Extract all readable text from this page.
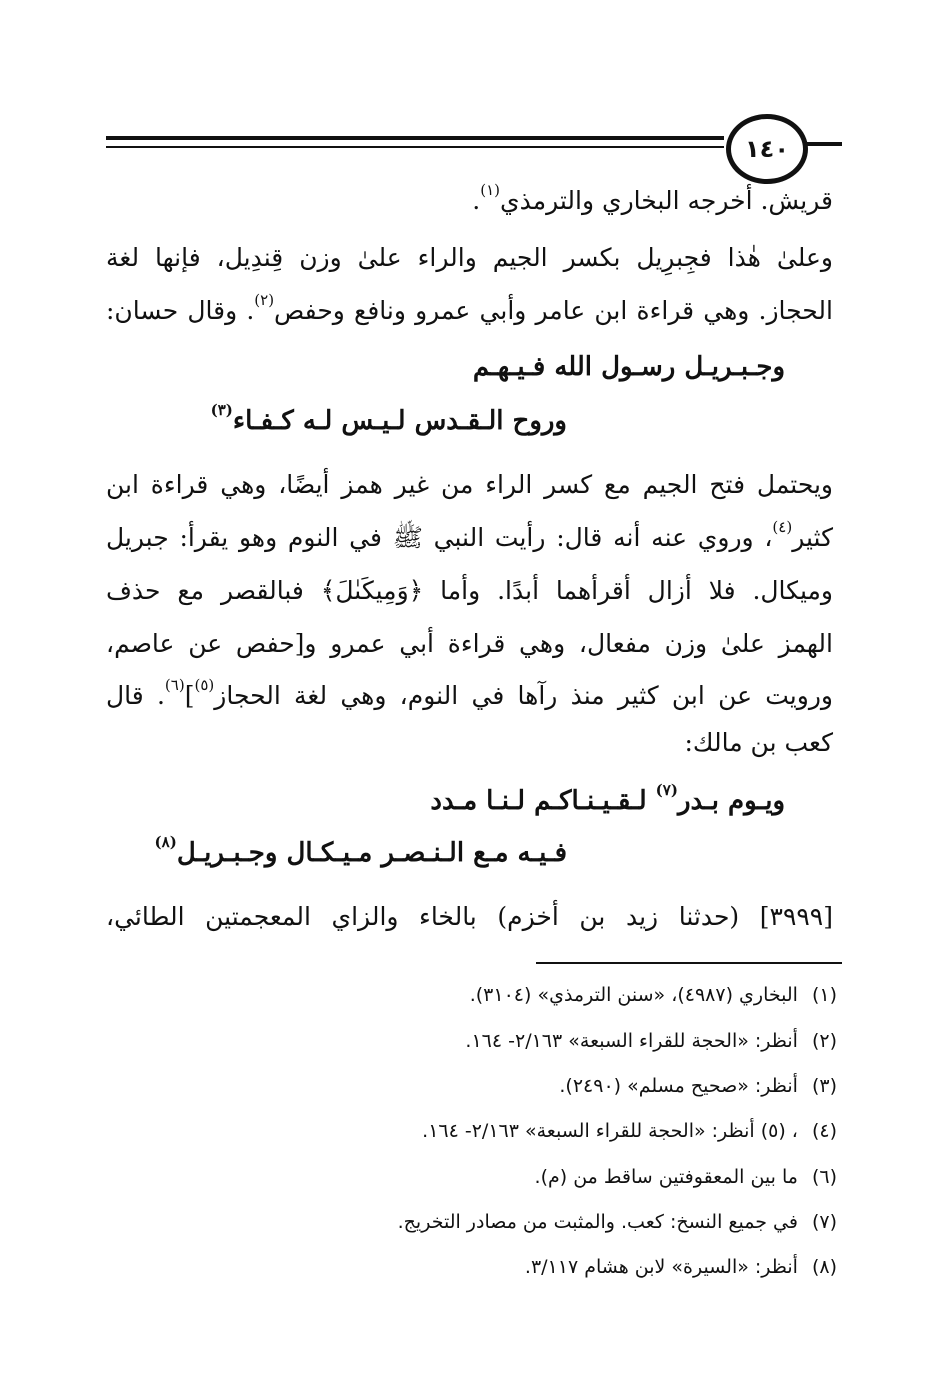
١٤٠
قريش. أخرجه البخاري والترمذي$^{(١)}$.
وعلىٰ هٰذا فجِبرِيل بكسر الجيم والراء علىٰ وزن قِندِيل، فإنها لغة
الحجاز. وهي قراءة ابن عامر وأبي عمرو ونافع وحفص$^{(٢)}$. وقال حسان:
وجـبـريـل رسـول الله فـيـهـم
وروح الـقـدس لـيـس لـه كـفـاء$^{(٣)}$
ويحتمل فتح الجيم مع كسر الراء من غير همز أيضًا، وهي قراءة ابن
كثير$^{(٤)}$، وروي عنه أنه قال: رأيت النبي ﷺ في النوم وهو يقرأ: جبريل
وميكال. فلا أزال أقرأهما أبدًا. وأما ﴿وَمِيكَىٰلَ﴾ فبالقصر مع حذف
الهمز علىٰ وزن مفعال، وهي قراءة أبي عمرو و[حفص عن عاصم،
ورويت عن ابن كثير منذ رآها في النوم، وهي لغة الحجاز$^{(٥)}$]$^{(٦)}$. قال
كعب بن مالك:
ويـوم بـدر$^{(٧)}$ لـقـيـنـاكـم لـنـا مـدد
فـيـه مـع الـنـصـر مـيـكـال وجـبـريـل$^{(٨)}$
[٣٩٩٩] (حدثنا زيد بن أخزم) بالخاء والزاي المعجمتين الطائي،
(١)البخاري (٤٩٨٧)، «سنن الترمذي» (٣١٠٤).
(٢)أنظر: «الحجة للقراء السبعة» ٢/١٦٣- ١٦٤.
(٣)أنظر: «صحيح مسلم» (٢٤٩٠).
(٤)، (٥) أنظر: «الحجة للقراء السبعة» ٢/١٦٣- ١٦٤.
(٦)ما بين المعقوفتين ساقط من (م).
(٧)في جميع النسخ: كعب. والمثبت من مصادر التخريج.
(٨)أنظر: «السيرة» لابن هشام ٣/١١٧.
